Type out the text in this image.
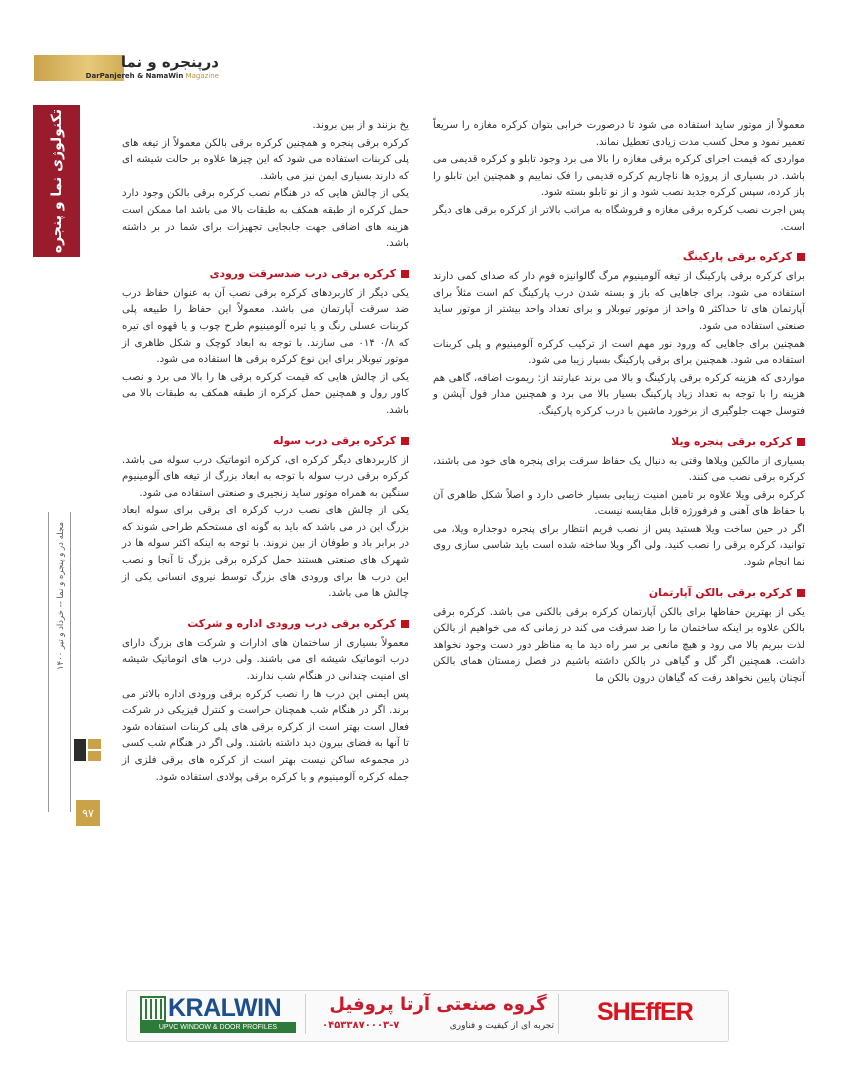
درپنجره و نما
DarPanjereh & NamaWin Magazine
تکنولوژی نما و پنجره
مجله در و پنجره و نما -- خرداد و تیر ۱۴۰۰
۹۷

معمولاً از موتور ساید استفاده می شود تا درصورت خرابی بتوان کرکره مغازه را سریعاً تعمیر نمود و محل کسب مدت زیادی تعطیل نماند.

مواردی که قیمت اجرای کرکره برقی مغازه را بالا می برد وجود تابلو و کرکره قدیمی می باشد. در بسیاری از پروژه ها ناچاریم کرکره قدیمی را فک نماییم و همچنین این تابلو را باز کرده، سپس کرکره جدید نصب شود و از نو تابلو بسته شود.

پس اجرت نصب کرکره برقی مغازه و فروشگاه به مراتب بالاتر از کرکره برقی های دیگر است.

کرکره برقی پارکینگ

برای کرکره برقی پارکینگ از تیغه آلومینیوم مرگ گالوانیزه فوم دار که صدای کمی دارند استفاده می شود. برای جاهایی که باز و بسته شدن درب پارکینگ کم است مثلاً برای آپارتمان های تا حداکثر ۵ واحد از موتور تیوبلار و برای تعداد واحد بیشتر از موتور ساید صنعتی استفاده می شود.

همچنین برای جاهایی که ورود نور مهم است از ترکیب کرکره آلومینیوم و پلی کربنات استفاده می شود. همچنین برای برقی پارکینگ بسیار زیبا می شود.

مواردی که هزینه کرکره برقی پارکینگ و بالا می برند عبارتند از: ریموت اضافه، گاهی هم هزینه را با توجه به تعداد زیاد پارکینگ بسیار بالا می برد و همچنین مدار فول آپشن و فتوسل جهت جلوگیری از برخورد ماشین با درب کرکره پارکینگ.

کرکره برقی پنجره ویلا

بسیاری از مالکین ویلاها وقتی به دنبال یک حفاظ سرقت برای پنجره های خود می باشند، کرکره برقی نصب می کنند.

کرکره برقی ویلا علاوه بر تامین امنیت زیبایی بسیار خاصی دارد و اصلاً شکل ظاهری آن با حفاظ های آهنی و فرفورژه قابل مقایسه نیست.

اگر در حین ساخت ویلا هستید پس از نصب فریم انتظار برای پنجره دوجداره ویلا، می توانید، کرکره برقی را نصب کنید. ولی اگر ویلا ساخته شده است باید شاسی سازی روی نما انجام شود.

کرکره برقی بالکن آپارتمان

یکی از بهترین حفاظها برای بالکن آپارتمان کرکره برقی بالکنی می باشد. کرکره برقی بالکن علاوه بر اینکه ساختمان ما را ضد سرقت می کند در زمانی که می خواهیم از بالکن لذت ببریم بالا می رود و هیچ مانعی بر سر راه دید ما به مناظر دور دست وجود نخواهد داشت. همچنین اگر گل و گیاهی در بالکن داشته باشیم در فصل زمستان همای بالکن آنچنان پایین نخواهد رفت که گیاهان درون بالکن ما

یخ بزنند و از بین بروند.

کرکره برقی پنجره و همچنین کرکره برقی بالکن معمولاً از تیغه های پلی کربنات استفاده می شود که این چیزها علاوه بر حالت شیشه ای که دارند بسیاری ایمن نیز می باشد.

یکی از چالش هایی که در هنگام نصب کرکره برقی بالکن وجود دارد حمل کرکره از طبقه همکف به طبقات بالا می باشد اما ممکن است هزینه های اضافی جهت جابجایی تجهیزات برای شما در بر داشته باشد.

کرکره برقی درب ضدسرقت ورودی

یکی دیگر از کاربردهای کرکره برقی نصب آن به عنوان حفاظ درب ضد سرقت آپارتمان می باشد. معمولاً این حفاظ را طبیعه پلی کربنات عسلی رنگ و یا تیره آلومینیوم طرح چوب و یا قهوه ای تیره که ۰/۸ ۰۱۴ می سازند. با توجه به ابعاد کوچک و شکل ظاهری از موتور تیوبلار برای این نوع کرکره برقی ها استفاده می شود.

یکی از چالش هایی که قیمت کرکره برقی ها را بالا می برد و نصب کاور رول و همچنین حمل کرکره از طبقه همکف به طبقات بالا می باشد.

کرکره برقی درب سوله

از کاربردهای دیگر کرکره ای، کرکره اتوماتیک درب سوله می باشد. کرکره برقی درب سوله با توجه به ابعاد بزرگ از تیغه های آلومینیوم سنگین به همراه موتور ساید زنجیری و صنعتی استفاده می شود.

یکی از چالش های نصب درب کرکره ای برقی برای سوله ابعاد بزرگ این در می باشد که باید به گونه ای مستحکم طراحی شوند که در برابر باد و طوفان از بین نروند. با توجه به اینکه اکثر سوله ها در شهرک های صنعتی هستند حمل کرکره برقی بزرگ تا آنجا و نصب این درب ها برای ورودی های بزرگ توسط نیروی انسانی یکی از چالش ها می باشد.

کرکره برقی درب ورودی اداره و شرکت

معمولاً بسیاری از ساختمان های ادارات و شرکت های بزرگ دارای درب اتوماتیک شیشه ای می باشند. ولی درب های اتوماتیک شیشه ای امنیت چندانی در هنگام شب ندارند.

پس ایمنی این درب ها را نصب کرکره برقی ورودی اداره بالاتر می برند. اگر در هنگام شب همچنان حراست و کنترل فیزیکی در شرکت فعال است بهتر است از کرکره برقی های پلی کربنات استفاده شود تا آنها به فضای بیرون دید داشته باشند. ولی اگر در هنگام شب کسی در مجموعه ساکن نیست بهتر است از کرکره های برقی فلزی از جمله کرکره آلومینیوم و یا کرکره برقی پولادی استفاده شود.

SHEffER
گروه صنعتی آرتا پروفیل
تجربه ای از کیفیت و فناوری
۰۴۵۳۳۸۷۰۰۰۳-۷
KRALWIN
UPVC WINDOW & DOOR PROFILES
